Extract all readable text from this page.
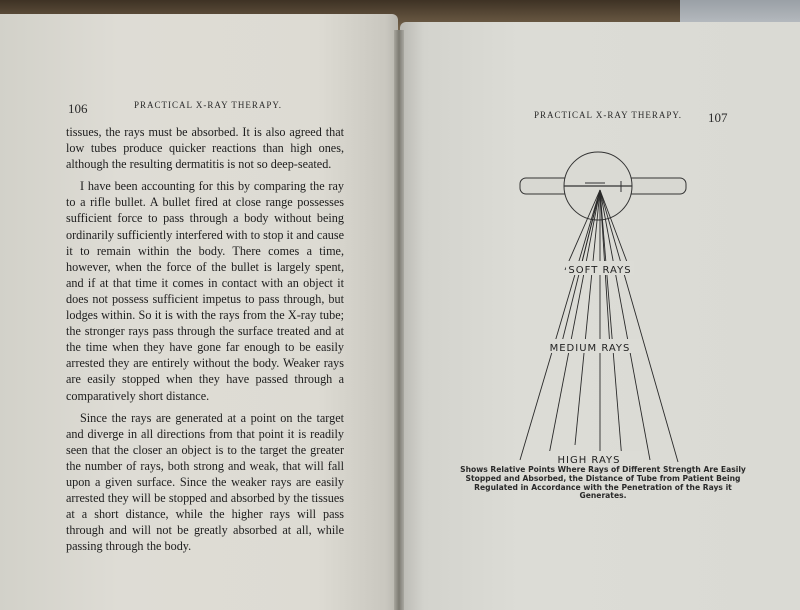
106	PRACTICAL X-RAY THERAPY.

tissues, the rays must be absorbed. It is also agreed that low tubes produce quicker reactions than high ones, although the resulting dermatitis is not so deep-seated.

I have been accounting for this by comparing the ray to a rifle bullet. A bullet fired at close range possesses sufficient force to pass through a body without being ordinarily sufficiently interfered with to stop it and cause it to remain within the body. There comes a time, however, when the force of the bullet is largely spent, and if at that time it comes in contact with an object it does not possess sufficient impetus to pass through, but lodges within. So it is with the rays from the X-ray tube; the stronger rays pass through the surface treated and at the time when they have gone far enough to be easily arrested they are entirely without the body. Weaker rays are easily stopped when they have passed through a comparatively short distance.

Since the rays are generated at a point on the target and diverge in all directions from that point it is readily seen that the closer an object is to the target the greater the number of rays, both strong and weak, that will fall upon a given surface. Since the weaker rays are easily arrested they will be stopped and absorbed by the tissues at a short distance, while the higher rays will pass through and will not be greatly absorbed at all, while passing through the body.

PRACTICAL X-RAY THERAPY. 107
SOFT RAYS
MEDIUM RAYS
HIGH RAYS
Shows Relative Points Where Rays of Different Strength Are Easily Stopped and Absorbed, the Distance of Tube from Patient Being Regulated in Accordance with the Penetration of the Rays it Generates.
